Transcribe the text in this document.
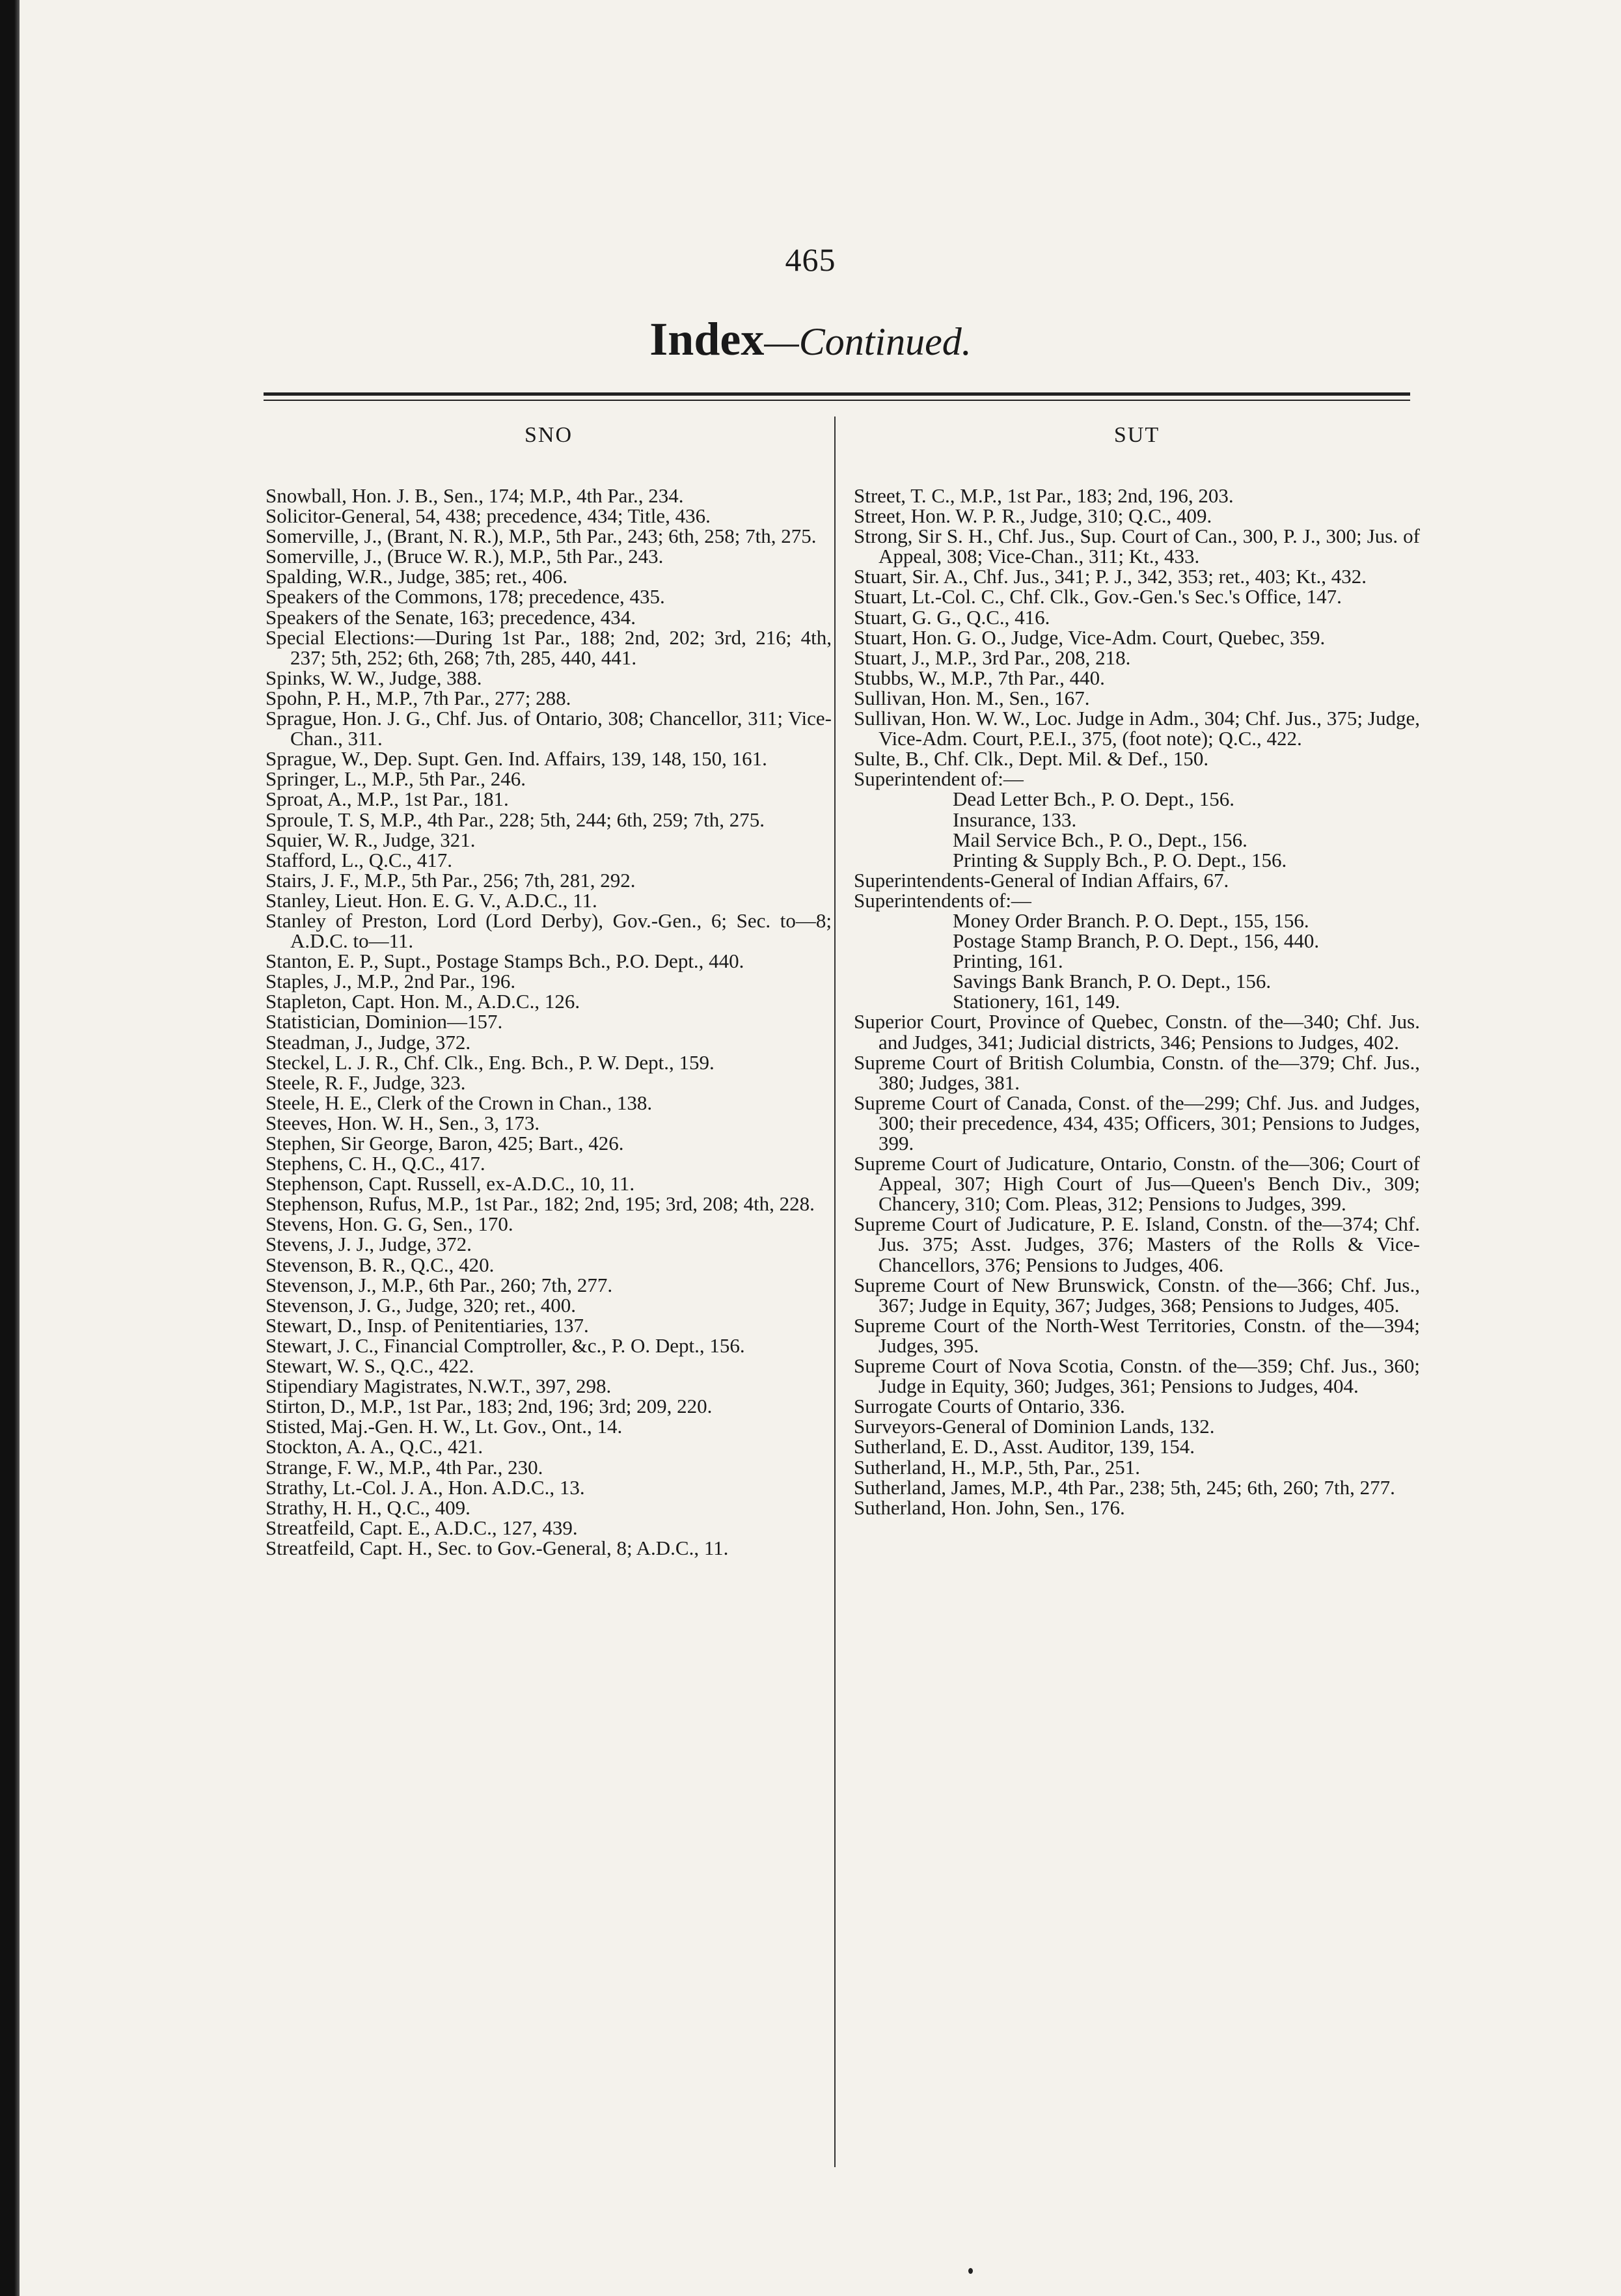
465
Index—Continued.
SNO
Snowball, Hon. J. B., Sen., 174; M.P., 4th Par., 234.
Solicitor-General, 54, 438; precedence, 434; Title, 436.
Somerville, J., (Brant, N. R.), M.P., 5th Par., 243; 6th, 258; 7th, 275.
Somerville, J., (Bruce W. R.), M.P., 5th Par., 243.
Spalding, W.R., Judge, 385; ret., 406.
Speakers of the Commons, 178; precedence, 435.
Speakers of the Senate, 163; precedence, 434.
Special Elections:—During 1st Par., 188; 2nd, 202; 3rd, 216; 4th, 237; 5th, 252; 6th, 268; 7th, 285, 440, 441.
Spinks, W. W., Judge, 388.
Spohn, P. H., M.P., 7th Par., 277; 288.
Sprague, Hon. J. G., Chf. Jus. of Ontario, 308; Chancellor, 311; Vice-Chan., 311.
Sprague, W., Dep. Supt. Gen. Ind. Affairs, 139, 148, 150, 161.
Springer, L., M.P., 5th Par., 246.
Sproat, A., M.P., 1st Par., 181.
Sproule, T. S, M.P., 4th Par., 228; 5th, 244; 6th, 259; 7th, 275.
Squier, W. R., Judge, 321.
Stafford, L., Q.C., 417.
Stairs, J. F., M.P., 5th Par., 256; 7th, 281, 292.
Stanley, Lieut. Hon. E. G. V., A.D.C., 11.
Stanley of Preston, Lord (Lord Derby), Gov.-Gen., 6; Sec. to—8; A.D.C. to—11.
Stanton, E. P., Supt., Postage Stamps Bch., P.O. Dept., 440.
Staples, J., M.P., 2nd Par., 196.
Stapleton, Capt. Hon. M., A.D.C., 126.
Statistician, Dominion—157.
Steadman, J., Judge, 372.
Steckel, L. J. R., Chf. Clk., Eng. Bch., P. W. Dept., 159.
Steele, R. F., Judge, 323.
Steele, H. E., Clerk of the Crown in Chan., 138.
Steeves, Hon. W. H., Sen., 3, 173.
Stephen, Sir George, Baron, 425; Bart., 426.
Stephens, C. H., Q.C., 417.
Stephenson, Capt. Russell, ex-A.D.C., 10, 11.
Stephenson, Rufus, M.P., 1st Par., 182; 2nd, 195; 3rd, 208; 4th, 228.
Stevens, Hon. G. G, Sen., 170.
Stevens, J. J., Judge, 372.
Stevenson, B. R., Q.C., 420.
Stevenson, J., M.P., 6th Par., 260; 7th, 277.
Stevenson, J. G., Judge, 320; ret., 400.
Stewart, D., Insp. of Penitentiaries, 137.
Stewart, J. C., Financial Comptroller, &c., P. O. Dept., 156.
Stewart, W. S., Q.C., 422.
Stipendiary Magistrates, N.W.T., 397, 298.
Stirton, D., M.P., 1st Par., 183; 2nd, 196; 3rd; 209, 220.
Stisted, Maj.-Gen. H. W., Lt. Gov., Ont., 14.
Stockton, A. A., Q.C., 421.
Strange, F. W., M.P., 4th Par., 230.
Strathy, Lt.-Col. J. A., Hon. A.D.C., 13.
Strathy, H. H., Q.C., 409.
Streatfeild, Capt. E., A.D.C., 127, 439.
Streatfeild, Capt. H., Sec. to Gov.-General, 8; A.D.C., 11.
SUT
Street, T. C., M.P., 1st Par., 183; 2nd, 196, 203.
Street, Hon. W. P. R., Judge, 310; Q.C., 409.
Strong, Sir S. H., Chf. Jus., Sup. Court of Can., 300, P. J., 300; Jus. of Appeal, 308; Vice-Chan., 311; Kt., 433.
Stuart, Sir. A., Chf. Jus., 341; P. J., 342, 353; ret., 403; Kt., 432.
Stuart, Lt.-Col. C., Chf. Clk., Gov.-Gen.'s Sec.'s Office, 147.
Stuart, G. G., Q.C., 416.
Stuart, Hon. G. O., Judge, Vice-Adm. Court, Quebec, 359.
Stuart, J., M.P., 3rd Par., 208, 218.
Stubbs, W., M.P., 7th Par., 440.
Sullivan, Hon. M., Sen., 167.
Sullivan, Hon. W. W., Loc. Judge in Adm., 304; Chf. Jus., 375; Judge, Vice-Adm. Court, P.E.I., 375, (foot note); Q.C., 422.
Sulte, B., Chf. Clk., Dept. Mil. & Def., 150.
Superintendent of:—
Dead Letter Bch., P. O. Dept., 156.
Insurance, 133.
Mail Service Bch., P. O., Dept., 156.
Printing & Supply Bch., P. O. Dept., 156.
Superintendents-General of Indian Affairs, 67.
Superintendents of:—
Money Order Branch. P. O. Dept., 155, 156.
Postage Stamp Branch, P. O. Dept., 156, 440.
Printing, 161.
Savings Bank Branch, P. O. Dept., 156.
Stationery, 161, 149.
Superior Court, Province of Quebec, Constn. of the—340; Chf. Jus. and Judges, 341; Judicial districts, 346; Pensions to Judges, 402.
Supreme Court of British Columbia, Constn. of the—379; Chf. Jus., 380; Judges, 381.
Supreme Court of Canada, Const. of the—299; Chf. Jus. and Judges, 300; their precedence, 434, 435; Officers, 301; Pensions to Judges, 399.
Supreme Court of Judicature, Ontario, Constn. of the—306; Court of Appeal, 307; High Court of Jus—Queen's Bench Div., 309; Chancery, 310; Com. Pleas, 312; Pensions to Judges, 399.
Supreme Court of Judicature, P. E. Island, Constn. of the—374; Chf. Jus. 375; Asst. Judges, 376; Masters of the Rolls & Vice-Chancellors, 376; Pensions to Judges, 406.
Supreme Court of New Brunswick, Constn. of the—366; Chf. Jus., 367; Judge in Equity, 367; Judges, 368; Pensions to Judges, 405.
Supreme Court of the North-West Territories, Constn. of the—394; Judges, 395.
Supreme Court of Nova Scotia, Constn. of the—359; Chf. Jus., 360; Judge in Equity, 360; Judges, 361; Pensions to Judges, 404.
Surrogate Courts of Ontario, 336.
Surveyors-General of Dominion Lands, 132.
Sutherland, E. D., Asst. Auditor, 139, 154.
Sutherland, H., M.P., 5th, Par., 251.
Sutherland, James, M.P., 4th Par., 238; 5th, 245; 6th, 260; 7th, 277.
Sutherland, Hon. John, Sen., 176.
